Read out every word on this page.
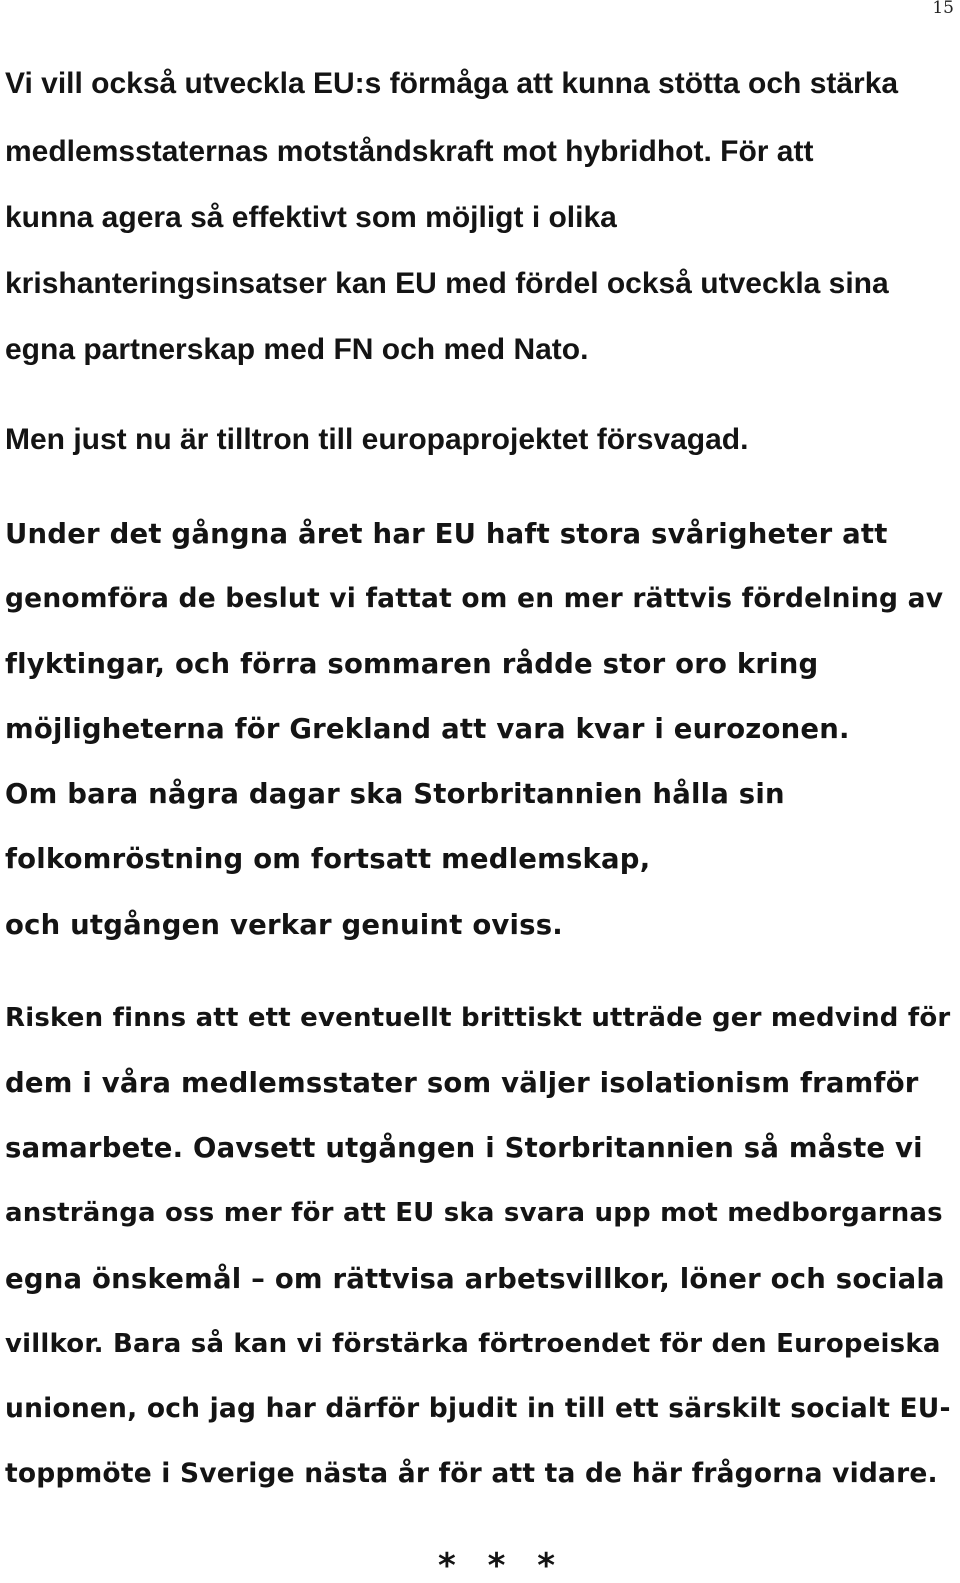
15
Vi vill också utveckla EU:s förmåga att kunna stötta och stärka
medlemsstaternas motståndskraft mot hybridhot. För att
kunna agera så effektivt som möjligt i olika
krishanteringsinsatser kan EU med fördel också utveckla sina
egna partnerskap med FN och med Nato.
Men just nu är tilltron till europaprojektet försvagad.
Under det gångna året har EU haft stora svårigheter att
genomföra de beslut vi fattat om en mer rättvis fördelning av
flyktingar, och förra sommaren rådde stor oro kring
möjligheterna för Grekland att vara kvar i eurozonen.
Om bara några dagar ska Storbritannien hålla sin
folkomröstning om fortsatt medlemskap,
och utgången verkar genuint oviss.
Risken finns att ett eventuellt brittiskt utträde ger medvind för
dem i våra medlemsstater som väljer isolationism framför
samarbete. Oavsett utgången i Storbritannien så måste vi
anstränga oss mer för att EU ska svara upp mot medborgarnas
egna önskemål – om rättvisa arbetsvillkor, löner och sociala
villkor. Bara så kan vi förstärka förtroendet för den Europeiska
unionen, och jag har därför bjudit in till ett särskilt socialt EU-
toppmöte i Sverige nästa år för att ta de här frågorna vidare.
* * *
